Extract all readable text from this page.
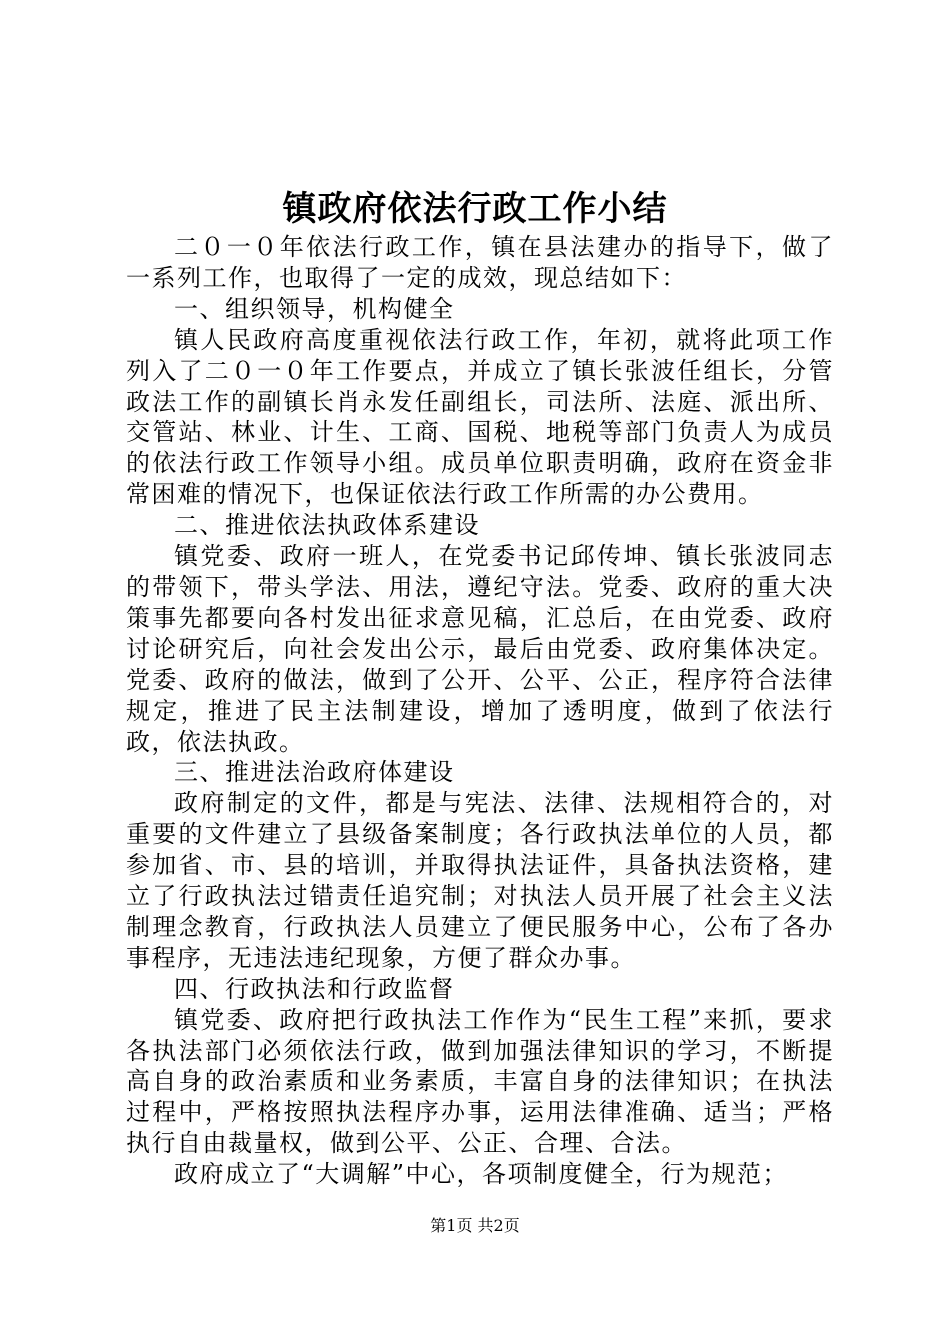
镇政府依法行政工作小结

二０一０年依法行政工作，镇在县法建办的指导下，做了一系列工作，也取得了一定的成效，现总结如下：

一、组织领导，机构健全

镇人民政府高度重视依法行政工作，年初，就将此项工作列入了二０一０年工作要点，并成立了镇长张波任组长，分管政法工作的副镇长肖永发任副组长，司法所、法庭、派出所、交管站、林业、计生、工商、国税、地税等部门负责人为成员的依法行政工作领导小组。成员单位职责明确，政府在资金非常困难的情况下，也保证依法行政工作所需的办公费用。

二、推进依法执政体系建设

镇党委、政府一班人，在党委书记邱传坤、镇长张波同志的带领下，带头学法、用法，遵纪守法。党委、政府的重大决策事先都要向各村发出征求意见稿，汇总后，在由党委、政府讨论研究后，向社会发出公示，最后由党委、政府集体决定。党委、政府的做法，做到了公开、公平、公正，程序符合法律规定，推进了民主法制建设，增加了透明度，做到了依法行政，依法执政。

三、推进法治政府体建设

政府制定的文件，都是与宪法、法律、法规相符合的，对重要的文件建立了县级备案制度；各行政执法单位的人员，都参加省、市、县的培训，并取得执法证件，具备执法资格，建立了行政执法过错责任追究制；对执法人员开展了社会主义法制理念教育，行政执法人员建立了便民服务中心，公布了各办事程序，无违法违纪现象，方便了群众办事。

四、行政执法和行政监督

镇党委、政府把行政执法工作作为“民生工程”来抓，要求各执法部门必须依法行政，做到加强法律知识的学习，不断提高自身的政治素质和业务素质，丰富自身的法律知识；在执法过程中，严格按照执法程序办事，运用法律准确、适当；严格执行自由裁量权，做到公平、公正、合理、合法。

政府成立了“大调解”中心，各项制度健全，行为规范；

第1页 共2页
